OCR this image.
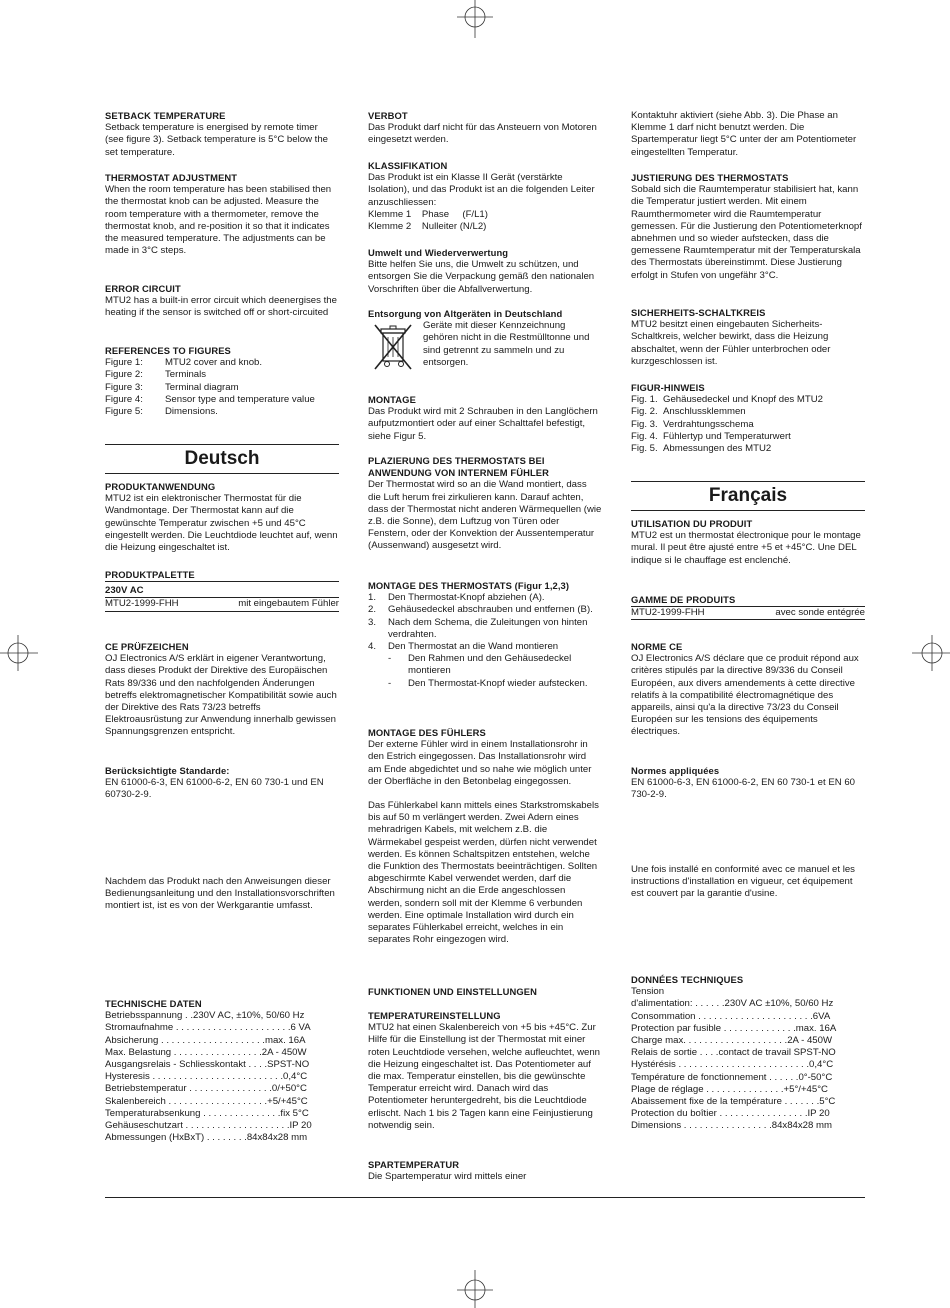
SETBACK TEMPERATURE

Setback temperature is energised by remote timer (see figure 3). Setback temperature is 5°C below the set temperature.

THERMOSTAT ADJUSTMENT

When the room temperature has been stabilised then the thermostat knob can be adjusted. Measure the room temperature with a thermometer, remove the thermostat knob, and re-position it so that it indicates the measured temperature. The adjustments can be made in 3°C steps.

ERROR CIRCUIT

MTU2 has a built-in error circuit which deenergises the heating if the sensor is switched off or short-circuited

REFERENCES TO FIGURES
Figure 1:	MTU2 cover and knob.
Figure 2:	Terminals
Figure 3:	Terminal diagram
Figure 4:	Sensor type and temperature value
Figure 5:	Dimensions.
Deutsch
PRODUKTANWENDUNG

MTU2 ist ein elektronischer Thermostat für die Wandmontage. Der Thermostat kann auf die gewünschte Temperatur zwischen +5 und 45°C eingestellt werden. Die Leuchtdiode leuchtet auf, wenn die Heizung eingeschaltet ist.

PRODUKTPALETTE
230V AC
MTU2-1999-FHH	mit eingebautem Fühler
CE PRÜFZEICHEN

OJ Electronics A/S erklärt in eigener Verantwortung, dass dieses Produkt der Direktive des Europäischen Rats 89/336 und den nachfolgenden Änderungen betreffs elektromagnetischer Kompatibilität sowie auch der Direktive des Rats 73/23 betreffs Elektroausrüstung zur Anwendung innerhalb gewissen Spannungsgrenzen entspricht.

Berücksichtigte Standarde:

EN 61000-6-3, EN 61000-6-2, EN 60 730-1 und EN 60730-2-9.

Nachdem das Produkt nach den Anweisungen dieser Bedienungsanleitung und den Installationsvorschriften montiert ist, ist es von der Werkgarantie umfasst.

TECHNISCHE DATEN
Betriebsspannung . .230V AC, ±10%, 50/60 Hz
Stromaufnahme . . . . . . . . . . . . . . . . . . . . . .6 VA
Absicherung . . . . . . . . . . . . . . . . . . . .max. 16A
Max. Belastung . . . . . . . . . . . . . . . . .2A - 450W
Ausgangsrelais - Schliesskontakt . . . .SPST-NO
Hysteresis . . . . . . . . . . . . . . . . . . . . . . . . .0,4°C
Betriebstemperatur . . . . . . . . . . . . . . . .0/+50°C
Skalenbereich . . . . . . . . . . . . . . . . . . .+5/+45°C
Temperaturabsenkung . . . . . . . . . . . . . . .fix 5°C
Gehäuseschutzart . . . . . . . . . . . . . . . . . . . .IP 20
Abmessungen (HxBxT) . . . . . . . .84x84x28 mm
VERBOT

Das Produkt darf nicht für das Ansteuern von Motoren eingesetzt werden.

KLASSIFIKATION

Das Produkt ist ein Klasse II Gerät (verstärkte Isolation), und das Produkt ist an die folgenden Leiter anzuschliessen:

Klemme 1    Phase     (F/L1)

Klemme 2    Nulleiter (N/L2)

Umwelt und Wiederverwertung

Bitte helfen Sie uns, die Umwelt zu schützen, und entsorgen Sie die Verpackung gemäß den nationalen Vorschriften über die Abfallverwertung.

Entsorgung von Altgeräten in Deutschland

Geräte mit dieser Kennzeichnung gehören nicht in die Restmülltonne und sind getrennt zu sammeln und zu entsorgen.

MONTAGE

Das Produkt wird mit 2 Schrauben in den Langlöchern aufputzmontiert oder auf einer Schalttafel befestigt, siehe Figur 5.

PLAZIERUNG DES THERMOSTATS BEI ANWENDUNG VON INTERNEM FÜHLER

Der Thermostat wird so an die Wand montiert, dass die Luft herum frei zirkulieren kann. Darauf achten, dass der Thermostat nicht anderen Wärmequellen (wie z.B. die Sonne), dem Luftzug von Türen oder Fenstern, oder der Konvektion der Aussentemperatur (Aussenwand) ausgesetzt wird.

MONTAGE DES THERMOSTATS (Figur 1,2,3)
1. Den Thermostat-Knopf abziehen (A).
2. Gehäusedeckel abschrauben und entfernen (B).
3. Nach dem Schema, die Zuleitungen von hinten verdrahten.
4. Den Thermostat an die Wand montieren
- Den Rahmen und den Gehäusedeckel montieren
- Den Thermostat-Knopf wieder aufstecken.
MONTAGE DES FÜHLERS

Der externe Fühler wird in einem Installationsrohr in den Estrich eingegossen. Das Installationsrohr wird am Ende abgedichtet und so nahe wie möglich unter der Oberfläche in den Betonbelag eingegossen.

Das Fühlerkabel kann mittels eines Starkstromskabels bis auf 50 m verlängert werden. Zwei Adern eines mehradrigen Kabels, mit welchem z.B. die Wärmekabel gespeist werden, dürfen nicht verwendet werden. Es können Schaltspitzen entstehen, welche die Funktion des Thermostats beeinträchtigen. Sollten abgeschirmte Kabel verwendet werden, darf die Abschirmung nicht an die Erde angeschlossen werden, sondern soll mit der Klemme 6 verbunden werden. Eine optimale Installation wird durch ein separates Fühlerkabel erreicht, welches in ein separates Rohr eingezogen wird.

FUNKTIONEN UND EINSTELLUNGEN
TEMPERATUREINSTELLUNG

MTU2 hat einen Skalenbereich von +5 bis +45°C. Zur Hilfe für die Einstellung ist der Thermostat mit einer roten Leuchtdiode versehen, welche aufleuchtet, wenn die Heizung eingeschaltet ist. Das Potentiometer auf die max. Temperatur einstellen, bis die gewünschte Temperatur erreicht wird. Danach wird das Potentiometer heruntergedreht, bis die Leuchtdiode erlischt. Nach 1 bis 2 Tagen kann eine Feinjustierung notwendig sein.

SPARTEMPERATUR

Die Spartemperatur wird mittels einer

Kontaktuhr aktiviert (siehe Abb. 3). Die Phase an Klemme 1 darf nicht benutzt werden. Die Spartemperatur liegt 5°C unter der am Potentiometer eingestellten Temperatur.

JUSTIERUNG DES THERMOSTATS

Sobald sich die Raumtemperatur stabilisiert hat, kann die Temperatur justiert werden. Mit einem Raumthermometer wird die Raumtemperatur gemessen. Für die Justierung den Potentiometerknopf abnehmen und so wieder aufstecken, dass die gemessene Raumtemperatur mit der Temperaturskala des Thermostats übereinstimmt. Diese Justierung erfolgt in Stufen von ungefähr 3°C.

SICHERHEITS-SCHALTKREIS

MTU2 besitzt einen eingebauten Sicherheits-Schaltkreis, welcher bewirkt, dass die Heizung abschaltet, wenn der Fühler unterbrochen oder kurzgeschlossen ist.

FIGUR-HINWEIS
Fig. 1. Gehäusedeckel und Knopf des MTU2
Fig. 2. Anschlussklemmen
Fig. 3. Verdrahtungsschema
Fig. 4. Fühlertyp und Temperaturwert
Fig. 5. Abmessungen des MTU2
Français
UTILISATION DU PRODUIT

MTU2 est un thermostat électronique pour le montage mural. Il peut être ajusté entre +5 et +45°C. Une DEL indique si le chauffage est enclenché.

GAMME DE PRODUITS
MTU2-1999-FHH	avec sonde entégrée
NORME CE

OJ Electronics A/S déclare que ce produit répond aux critères stipulés par la directive 89/336 du Conseil Européen, aux divers amendements à cette directive relatifs à la compatibilité électromagnétique des appareils, ainsi qu'a la directive 73/23 du Conseil Européen sur les tensions des équipements électriques.

Normes appliquées

EN 61000-6-3, EN 61000-6-2, EN 60 730-1 et EN 60 730-2-9.

Une fois installé en conformité avec ce manuel et les instructions d'installation en vigueur, cet équipement est couvert par la garantie d'usine.

DONNÉES TECHNIQUES
Tension
d'alimentation: . . . . . .230V AC ±10%, 50/60 Hz
Consommation . . . . . . . . . . . . . . . . . . . . . .6VA
Protection par fusible . . . . . . . . . . . . . .max. 16A
Charge max. . . . . . . . . . . . . . . . . . . .2A - 450W
Relais de sortie . . . .contact de travail SPST-NO
Hystérésis . . . . . . . . . . . . . . . . . . . . . . . . .0,4°C
Température de fonctionnement . . . . . .0°-50°C
Plage de réglage . . . . . . . . . . . . . . .+5°/+45°C
Abaissement fixe de la température . . . . . . .5°C
Protection du boîtier . . . . . . . . . . . . . . . . .IP 20
Dimensions . . . . . . . . . . . . . . . . .84x84x28 mm
